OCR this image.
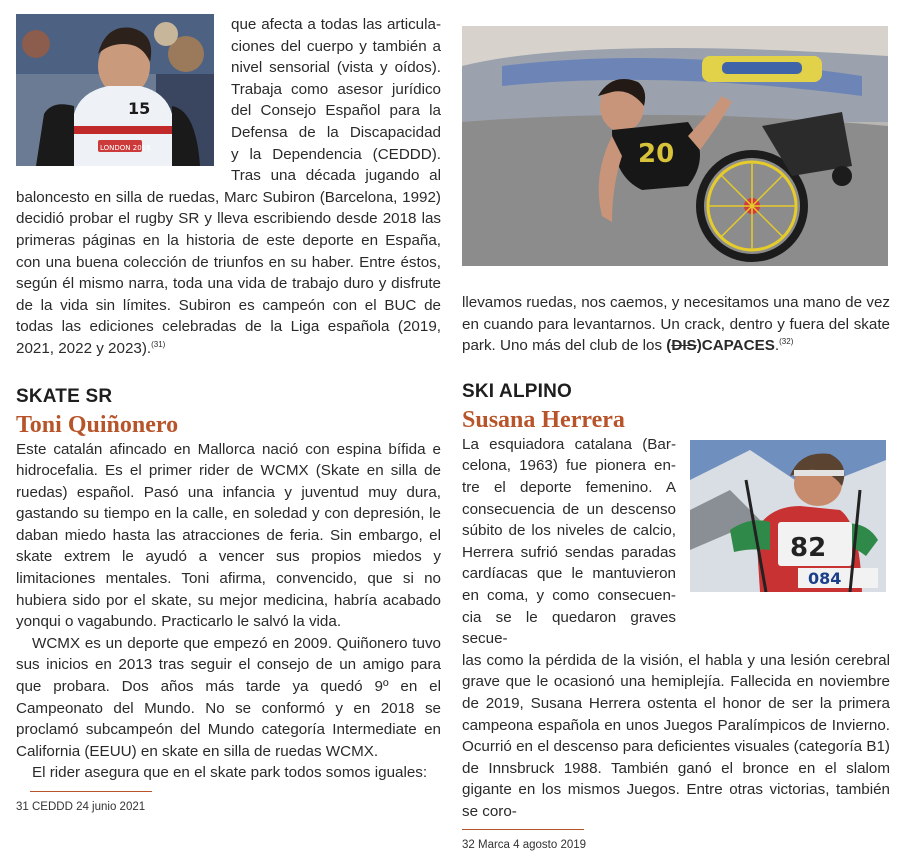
15
LONDON 2016

que afecta a todas las articula-

ciones del cuerpo y también a

nivel sensorial (vista y oídos).

Trabaja como asesor jurídico

del Consejo Español para la

Defensa de la Discapacidad

y la Dependencia (CEDDD).

Tras una década jugando al

baloncesto en silla de ruedas, Marc Subiron (Barcelona, 1992) decidió probar el rugby SR y lleva escribiendo desde 2018 las primeras páginas en la historia de este deporte en España, con una buena colección de triunfos en su haber. Entre éstos, según él mismo narra, toda una vida de trabajo duro y disfrute de la vida sin límites. Subiron es campeón con el BUC de todas las ediciones celebradas de la Liga española (2019, 2021, 2022 y 2023).$^{(31)}$

SKATE SR

Toni Quiñonero

Este catalán afincado en Mallorca nació con espina bífida e hidrocefalia. Es el primer rider de WCMX (Skate en silla de ruedas) español. Pasó una infancia y juventud muy dura, gastando su tiempo en la calle, en soledad y con depresión, le daban miedo hasta las atracciones de feria. Sin embargo, el skate extrem le ayudó a vencer sus propios miedos y limitaciones mentales. Toni afirma, convencido, que si no hubiera sido por el skate, su mejor medicina, habría acabado yonqui o vagabundo. Practicarlo le salvó la vida.

WCMX es un deporte que empezó en 2009. Quiñonero tuvo sus inicios en 2013 tras seguir el consejo de un amigo para que probara. Dos años más tarde ya quedó 9º en el Campeonato del Mundo. No se conformó y en 2018 se proclamó subcampeón del Mundo categoría Intermediate en California (EEUU) en skate en silla de ruedas WCMX.

El rider asegura que en el skate park todos somos iguales:

31 CEDDD 24 junio 2021

20

llevamos ruedas, nos caemos, y necesitamos una mano de vez en cuando para levantarnos. Un crack, dentro y fuera del skate park. Uno más del club de los (DIS)CAPACES.$^{(32)}$

SKI ALPINO

Susana Herrera

La esquiadora catalana (Bar-

celona, 1963) fue pionera en-

tre el deporte femenino. A

consecuencia de un descenso

súbito de los niveles de calcio,

Herrera sufrió sendas paradas

cardíacas que le mantuvieron

en coma, y como consecuen-

cia se le quedaron graves secue-

82
084

las como la pérdida de la visión, el habla y una lesión cerebral grave que le ocasionó una hemiplejía. Fallecida en noviembre de 2019, Susana Herrera ostenta el honor de ser la primera campeona española en unos Juegos Paralímpicos de Invierno. Ocurrió en el descenso para deficientes visuales (categoría B1) de Innsbruck 1988. También ganó el bronce en el slalom gigante en los mismos Juegos. Entre otras victorias, también se coro-

32 Marca 4 agosto 2019
